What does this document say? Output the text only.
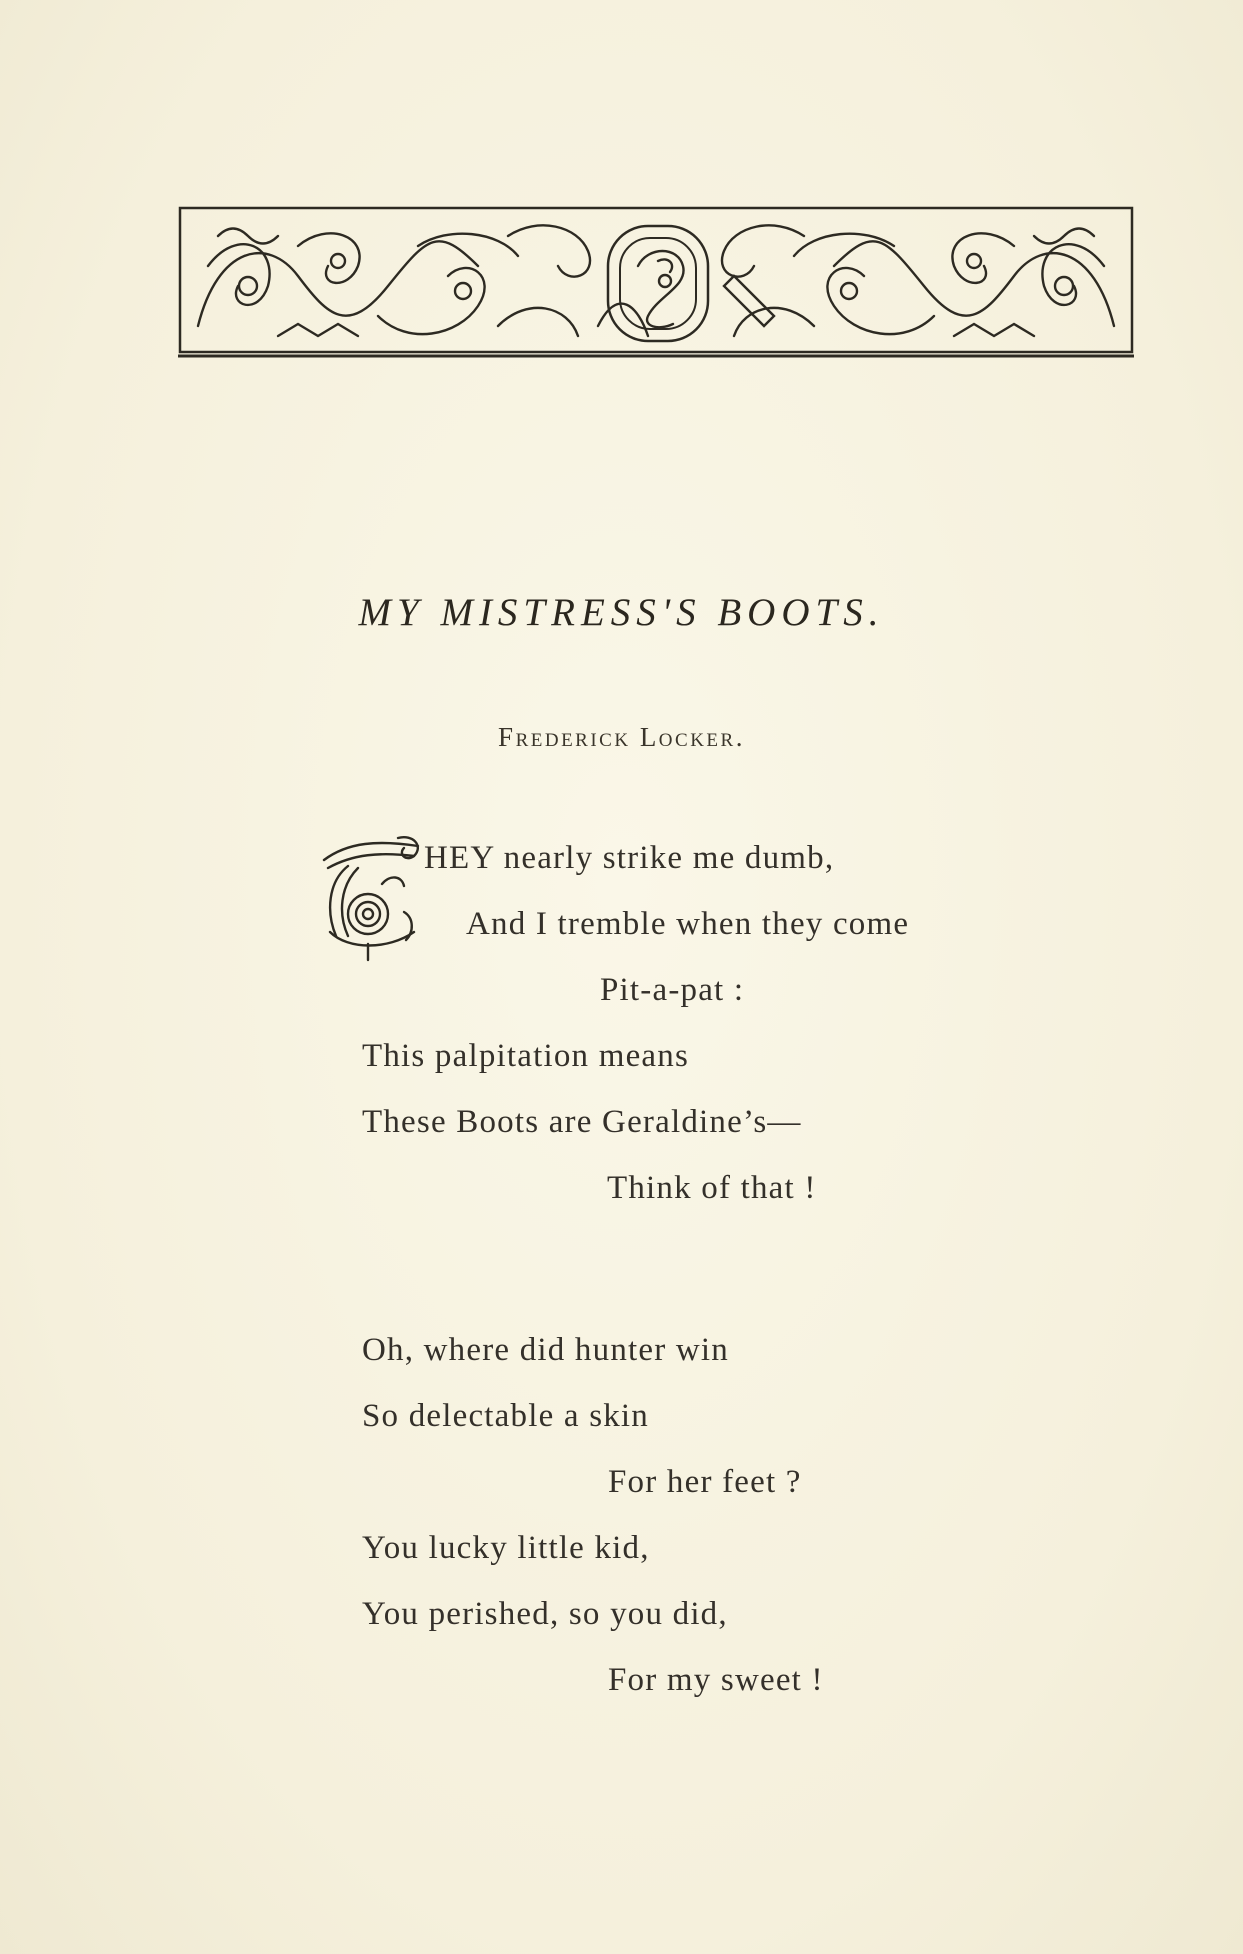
MY MISTRESS'S BOOTS.
Frederick Locker.
HEY nearly strike me dumb,
And I tremble when they come
Pit-a-pat :
This palpitation means
These Boots are Geraldine’s—
Think of that !
Oh, where did hunter win
So delectable a skin
For her feet ?
You lucky little kid,
You perished, so you did,
For my sweet !
